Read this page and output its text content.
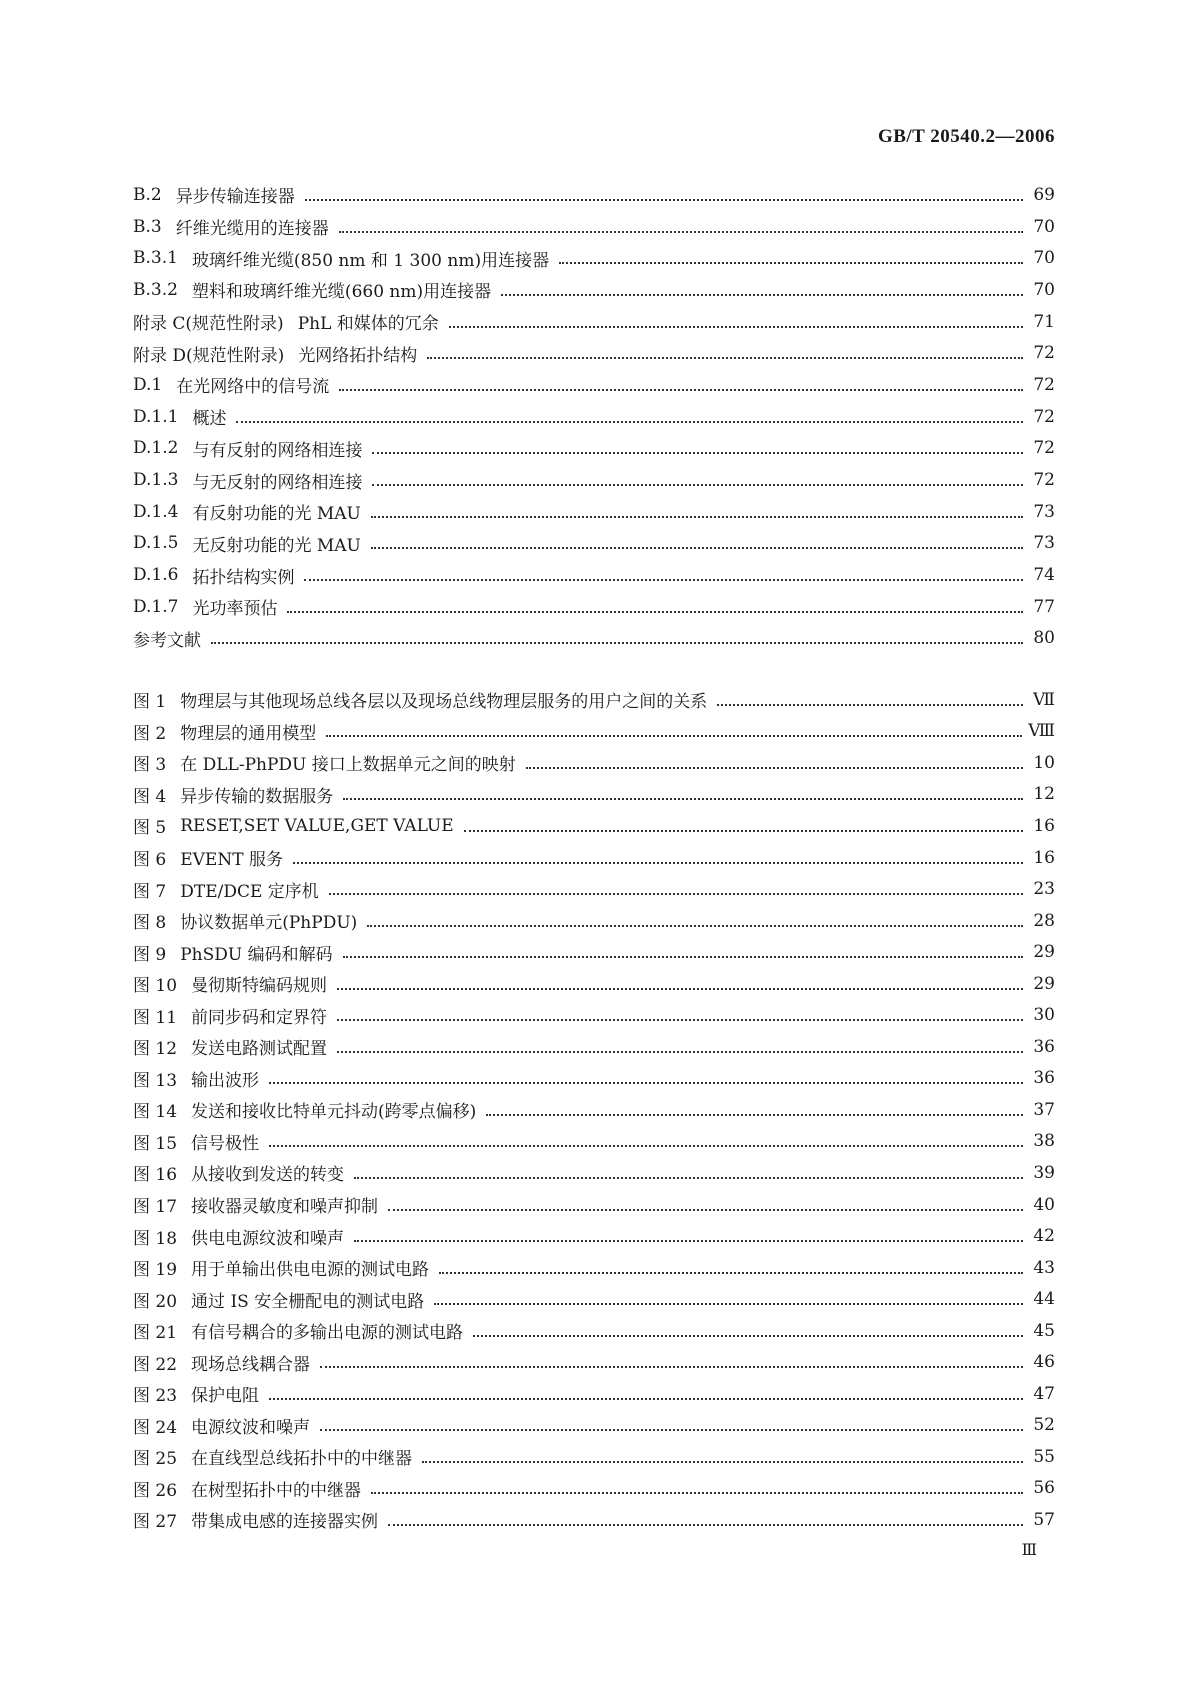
GB/T 20540.2—2006
B.2 异步传输连接器	69
B.3 纤维光缆用的连接器	70
B.3.1 玻璃纤维光缆(850 nm 和 1 300 nm)用连接器	70
B.3.2 塑料和玻璃纤维光缆(660 nm)用连接器	70
附录 C(规范性附录) PhL 和媒体的冗余	71
附录 D(规范性附录) 光网络拓扑结构	72
D.1 在光网络中的信号流	72
D.1.1 概述	72
D.1.2 与有反射的网络相连接	72
D.1.3 与无反射的网络相连接	72
D.1.4 有反射功能的光 MAU	73
D.1.5 无反射功能的光 MAU	73
D.1.6 拓扑结构实例	74
D.1.7 光功率预估	77
参考文献	80
图 1 物理层与其他现场总线各层以及现场总线物理层服务的用户之间的关系	Ⅶ
图 2 物理层的通用模型	Ⅷ
图 3 在 DLL-PhPDU 接口上数据单元之间的映射	10
图 4 异步传输的数据服务	12
图 5 RESET,SET VALUE,GET VALUE	16
图 6 EVENT 服务	16
图 7 DTE/DCE 定序机	23
图 8 协议数据单元(PhPDU)	28
图 9 PhSDU 编码和解码	29
图 10 曼彻斯特编码规则	29
图 11 前同步码和定界符	30
图 12 发送电路测试配置	36
图 13 输出波形	36
图 14 发送和接收比特单元抖动(跨零点偏移)	37
图 15 信号极性	38
图 16 从接收到发送的转变	39
图 17 接收器灵敏度和噪声抑制	40
图 18 供电电源纹波和噪声	42
图 19 用于单输出供电电源的测试电路	43
图 20 通过 IS 安全栅配电的测试电路	44
图 21 有信号耦合的多输出电源的测试电路	45
图 22 现场总线耦合器	46
图 23 保护电阻	47
图 24 电源纹波和噪声	52
图 25 在直线型总线拓扑中的中继器	55
图 26 在树型拓扑中的中继器	56
图 27 带集成电感的连接器实例	57
Ⅲ
